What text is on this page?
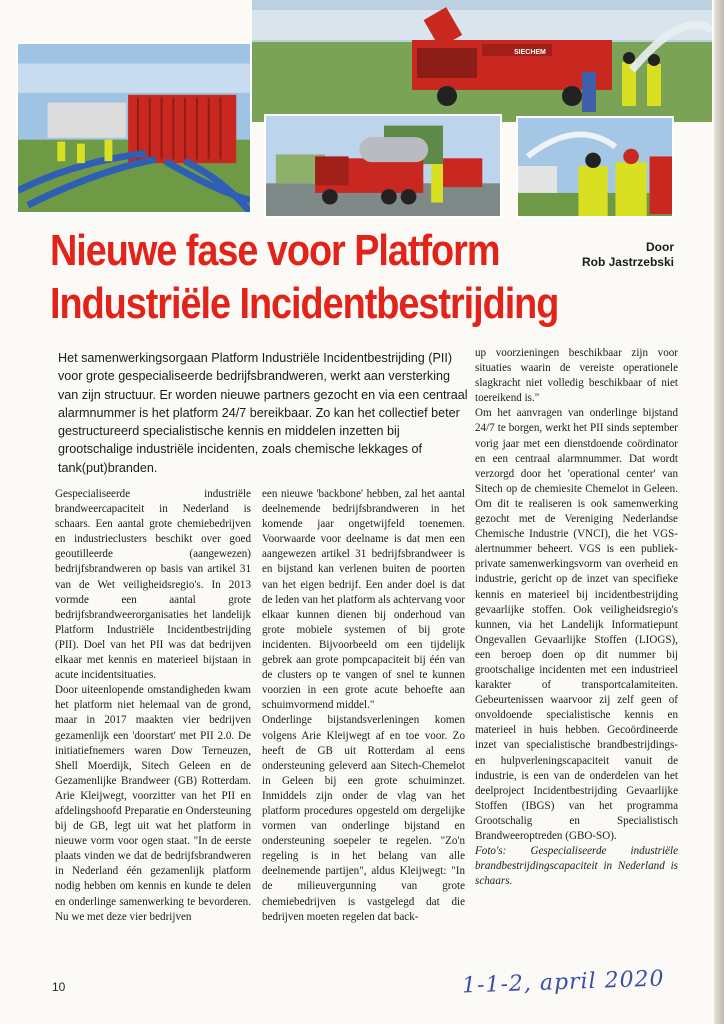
SIECHEM
Nieuwe fase voor Platform
Industriële Incidentbestrijding
Door
Rob Jastrzebski
Het samenwerkingsorgaan Platform Industriële Incidentbestrijding (PII) voor grote gespecialiseerde bedrijfsbrandweren, werkt aan versterking van zijn structuur. Er worden nieuwe partners gezocht en via een centraal alarmnummer is het platform 24/7 bereikbaar. Zo kan het collectief beter gestructureerd specialistische kennis en middelen inzetten bij grootschalige industriële incidenten, zoals chemische lekkages of tank(put)branden.

Gespecialiseerde industriële brandweercapaciteit in Nederland is schaars. Een aantal grote chemiebedrijven en industrieclusters beschikt over goed geoutilleerde (aangewezen) bedrijfsbrandweren op basis van artikel 31 van de Wet veiligheidsregio's. In 2013 vormde een aantal grote bedrijfsbrandweerorganisaties het landelijk Platform Industriële Incidentbestrijding (PII). Doel van het PII was dat bedrijven elkaar met kennis en materieel bijstaan in acute incidentsituaties.

Door uiteenlopende omstandigheden kwam het platform niet helemaal van de grond, maar in 2017 maakten vier bedrijven gezamenlijk een 'doorstart' met PII 2.0. De initiatiefnemers waren Dow Terneuzen, Shell Moerdijk, Sitech Geleen en de Gezamenlijke Brandweer (GB) Rotterdam. Arie Kleijwegt, voorzitter van het PII en afdelingshoofd Preparatie en Ondersteuning bij de GB, legt uit wat het platform in nieuwe vorm voor ogen staat. "In de eerste plaats vinden we dat de bedrijfsbrandweren in Nederland één gezamenlijk platform nodig hebben om kennis en kunde te delen en onderlinge samenwerking te bevorderen. Nu we met deze vier bedrijven

een nieuwe 'backbone' hebben, zal het aantal deelnemende bedrijfsbrandweren in het komende jaar ongetwijfeld toenemen. Voorwaarde voor deelname is dat men een aangewezen artikel 31 bedrijfsbrandweer is en bijstand kan verlenen buiten de poorten van het eigen bedrijf. Een ander doel is dat de leden van het platform als achtervang voor elkaar kunnen dienen bij onderhoud van grote mobiele systemen of bij grote incidenten. Bijvoorbeeld om een tijdelijk gebrek aan grote pompcapaciteit bij één van de clusters op te vangen of snel te kunnen voorzien in een grote acute behoefte aan schuimvormend middel."

Onderlinge bijstandsverleningen komen volgens Arie Kleijwegt af en toe voor. Zo heeft de GB uit Rotterdam al eens ondersteuning geleverd aan Sitech-Chemelot in Geleen bij een grote schuiminzet. Inmiddels zijn onder de vlag van het platform procedures opgesteld om dergelijke vormen van onderlinge bijstand en ondersteuning soepeler te regelen. "Zo'n regeling is in het belang van alle deelnemende partijen", aldus Kleijwegt: "In de milieuvergunning van grote chemiebedrijven is vastgelegd dat die bedrijven moeten regelen dat back-

up voorzieningen beschikbaar zijn voor situaties waarin de vereiste operationele slagkracht niet volledig beschikbaar of niet toereikend is."

Om het aanvragen van onderlinge bijstand 24/7 te borgen, werkt het PII sinds september vorig jaar met een dienstdoende coördinator en een centraal alarmnummer. Dat wordt verzorgd door het 'operational center' van Sitech op de chemiesite Chemelot in Geleen. Om dit te realiseren is ook samenwerking gezocht met de Vereniging Nederlandse Chemische Industrie (VNCI), die het VGS-alertnummer beheert. VGS is een publiek-private samenwerkingsvorm van overheid en industrie, gericht op de inzet van specifieke kennis en materieel bij incidentbestrijding gevaarlijke stoffen. Ook veiligheidsregio's kunnen, via het Landelijk Informatiepunt Ongevallen Gevaarlijke Stoffen (LIOGS), een beroep doen op dit nummer bij grootschalige incidenten met een industrieel karakter of transportcalamiteiten. Gebeurtenissen waarvoor zij zelf geen of onvoldoende specialistische kennis en materieel in huis hebben. Gecoördineerde inzet van specialistische brandbestrijdings- en hulpverleningscapaciteit vanuit de industrie, is een van de onderdelen van het deelproject Incidentbestrijding Gevaarlijke Stoffen (IBGS) van het programma Grootschalig en Specialistisch Brandweeroptreden (GBO-SO).

Foto's: Gespecialiseerde industriële brandbestrijdingscapaciteit in Nederland is schaars.

10	1-1-2, april 2020
